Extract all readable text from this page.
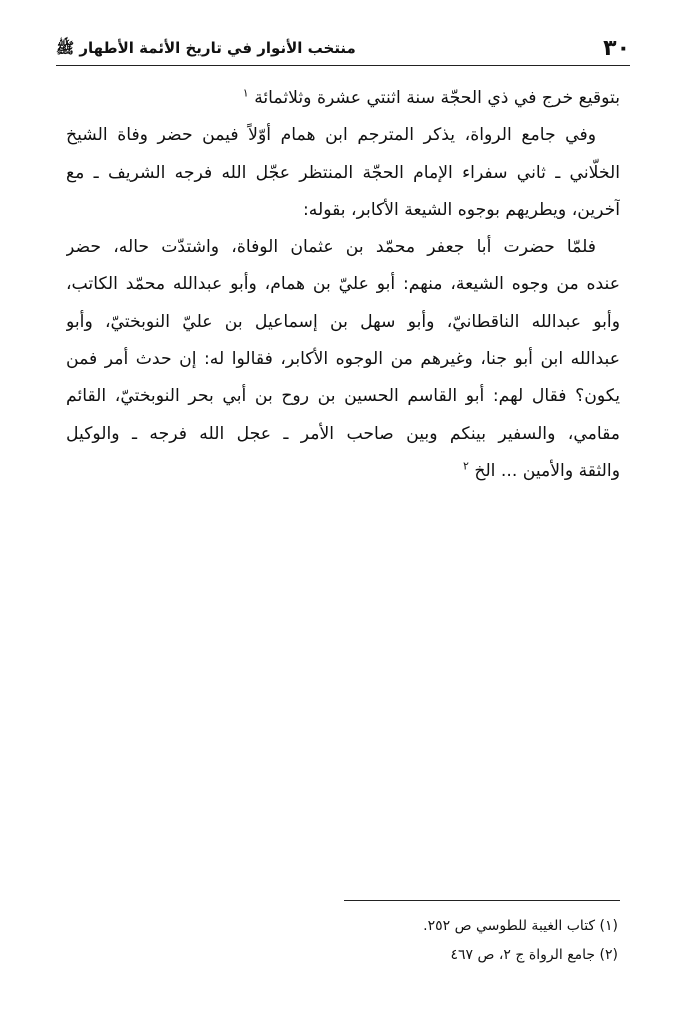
٣٠
منتخب الأنوار في تاريخ الأئمة الأطهار ﷺ
بتوقيع خرج في ذي الحجّة سنة اثنتي عشرة وثلاثمائة $^١$
وفي جامع الرواة، يذكر المترجم ابن همام أوّلاً فيمن حضر وفاة الشيخ
الخلّاني ـ ثاني سفراء الإمام الحجّة المنتظر عجّل الله فرجه الشريف ـ مع
آخرين، ويطريهم بوجوه الشيعة الأكابر، بقوله:
فلمّا حضرت أبا جعفر محمّد بن عثمان الوفاة، واشتدّت حاله، حضر
عنده من وجوه الشيعة، منهم: أبو عليّ بن همام، وأبو عبدالله محمّد الكاتب،
وأبو عبدالله الناقطانيّ، وأبو سهل بن إسماعيل بن عليّ النوبختيّ، وأبو
عبدالله ابن أبو جنا، وغيرهم من الوجوه الأكابر، فقالوا له: إن حدث أمر فمن
يكون؟ فقال لهم: أبو القاسم الحسين بن روح بن أبي بحر النوبختيّ، القائم
مقامي، والسفير بينكم وبين صاحب الأمر ـ عجل الله فرجه ـ والوكيل
والثقة والأمين ... الخ $^٢$
(١) كتاب الغيبة للطوسي ص ٢٥٢.
(٢) جامع الرواة ج ٢، ص ٤٦٧
